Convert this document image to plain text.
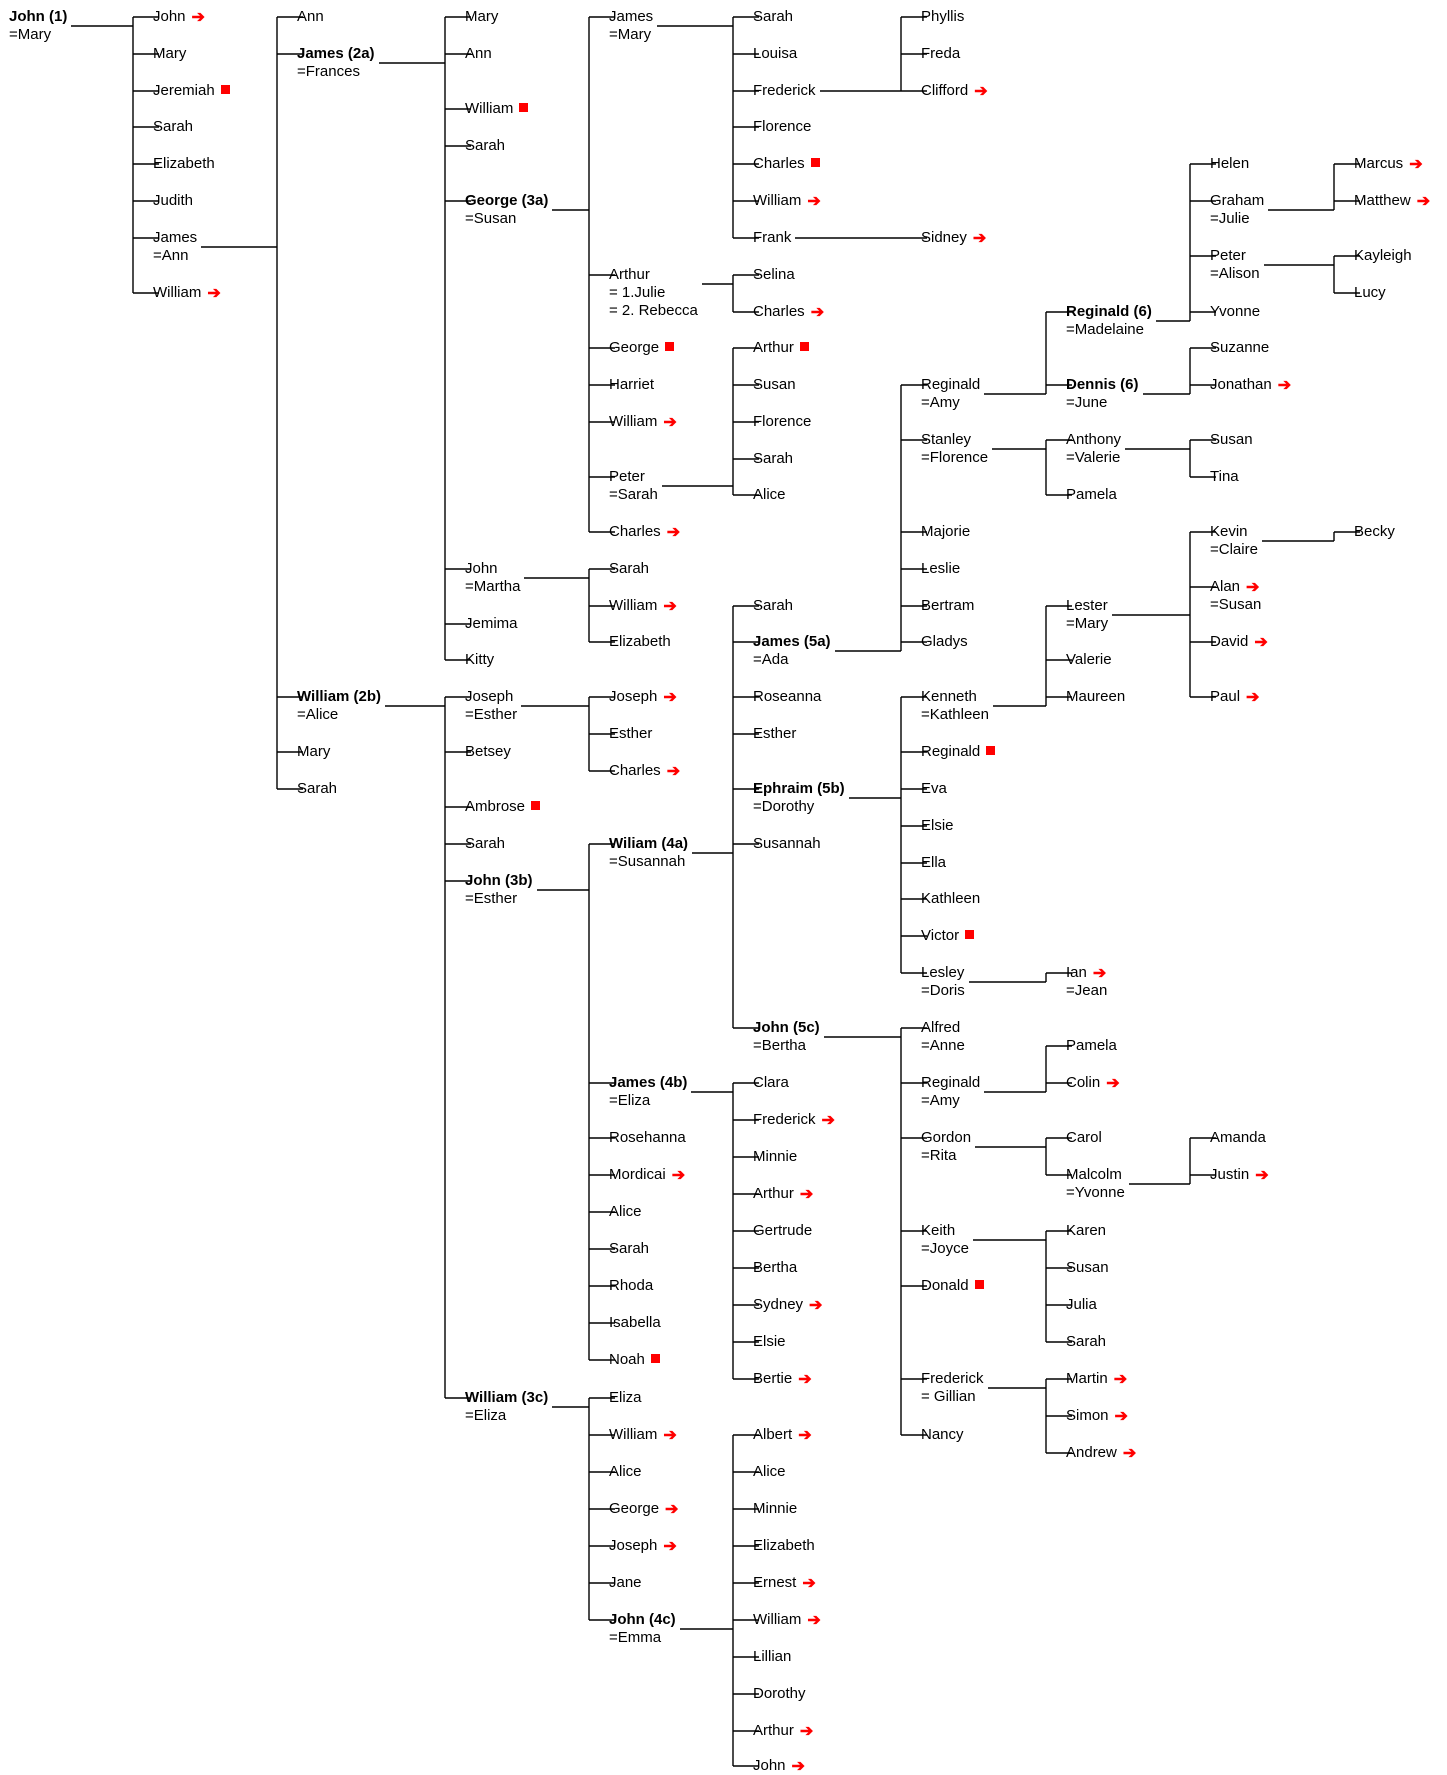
John (1)
=Mary
John ➔
Mary
Jeremiah
Sarah
Elizabeth
Judith
James
=Ann
William ➔
Ann
James (2a)
=Frances
William (2b)
=Alice
Mary
Sarah
Mary
Ann
William
Sarah
George (3a)
=Susan
John
=Martha
Jemima
Kitty
Joseph
=Esther
Betsey
Ambrose
Sarah
John (3b)
=Esther
William (3c)
=Eliza
James
=Mary
Arthur
= 1.Julie
= 2. Rebecca
George
Harriet
William ➔
Peter
=Sarah
Charles ➔
Sarah
William ➔
Elizabeth
Joseph ➔
Esther
Charles ➔
Wiliam (4a)
=Susannah
James (4b)
=Eliza
Rosehanna
Mordicai ➔
Alice
Sarah
Rhoda
Isabella
Noah
Eliza
William ➔
Alice
George ➔
Joseph ➔
Jane
John (4c)
=Emma
Sarah
Louisa
Frederick
Florence
Charles
William ➔
Frank
Selina
Charles ➔
Arthur
Susan
Florence
Sarah
Alice
Sarah
James (5a)
=Ada
Roseanna
Esther
Ephraim (5b)
=Dorothy
Susannah
John (5c)
=Bertha
Clara
Frederick ➔
Minnie
Arthur ➔
Gertrude
Bertha
Sydney ➔
Elsie
Bertie ➔
Albert ➔
Alice
Minnie
Elizabeth
Ernest ➔
William ➔
Lillian
Dorothy
Arthur ➔
John ➔
Phyllis
Freda
Clifford ➔
Sidney ➔
Reginald
=Amy
Stanley
=Florence
Majorie
Leslie
Bertram
Gladys
Kenneth
=Kathleen
Reginald
Eva
Elsie
Ella
Kathleen
Victor
Lesley
=Doris
Alfred
=Anne
Reginald
=Amy
Gordon
=Rita
Keith
=Joyce
Donald
Frederick
= Gillian
Nancy
Reginald (6)
=Madelaine
Dennis (6)
=June
Anthony
=Valerie
Pamela
Lester
=Mary
Valerie
Maureen
Ian ➔
=Jean
Pamela
Colin ➔
Carol
Malcolm
=Yvonne
Karen
Susan
Julia
Sarah
Martin ➔
Simon ➔
Andrew ➔
Helen
Graham
=Julie
Peter
=Alison
Yvonne
Suzanne
Jonathan ➔
Susan
Tina
Kevin
=Claire
Alan ➔
=Susan
David ➔
Paul ➔
Amanda
Justin ➔
Marcus ➔
Matthew ➔
Kayleigh
Lucy
Becky
